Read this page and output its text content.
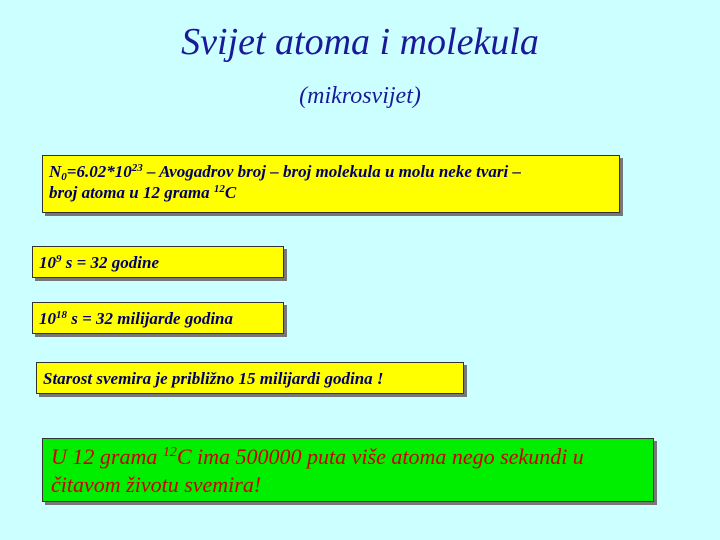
Svijet atoma i molekula
(mikrosvijet)
$N_0=6.02*10^{23}$ – Avogadrov broj – broj molekula u molu neke tvari –
broj atoma u 12 grama $^{12}$C
$10^9$ s = 32 godine
$10^{18}$ s = 32 milijarde godina
Starost svemira je približno 15 milijardi godina !
U 12 grama $^{12}$C ima 500000 puta više atoma nego sekundi u čitavom životu svemira!
